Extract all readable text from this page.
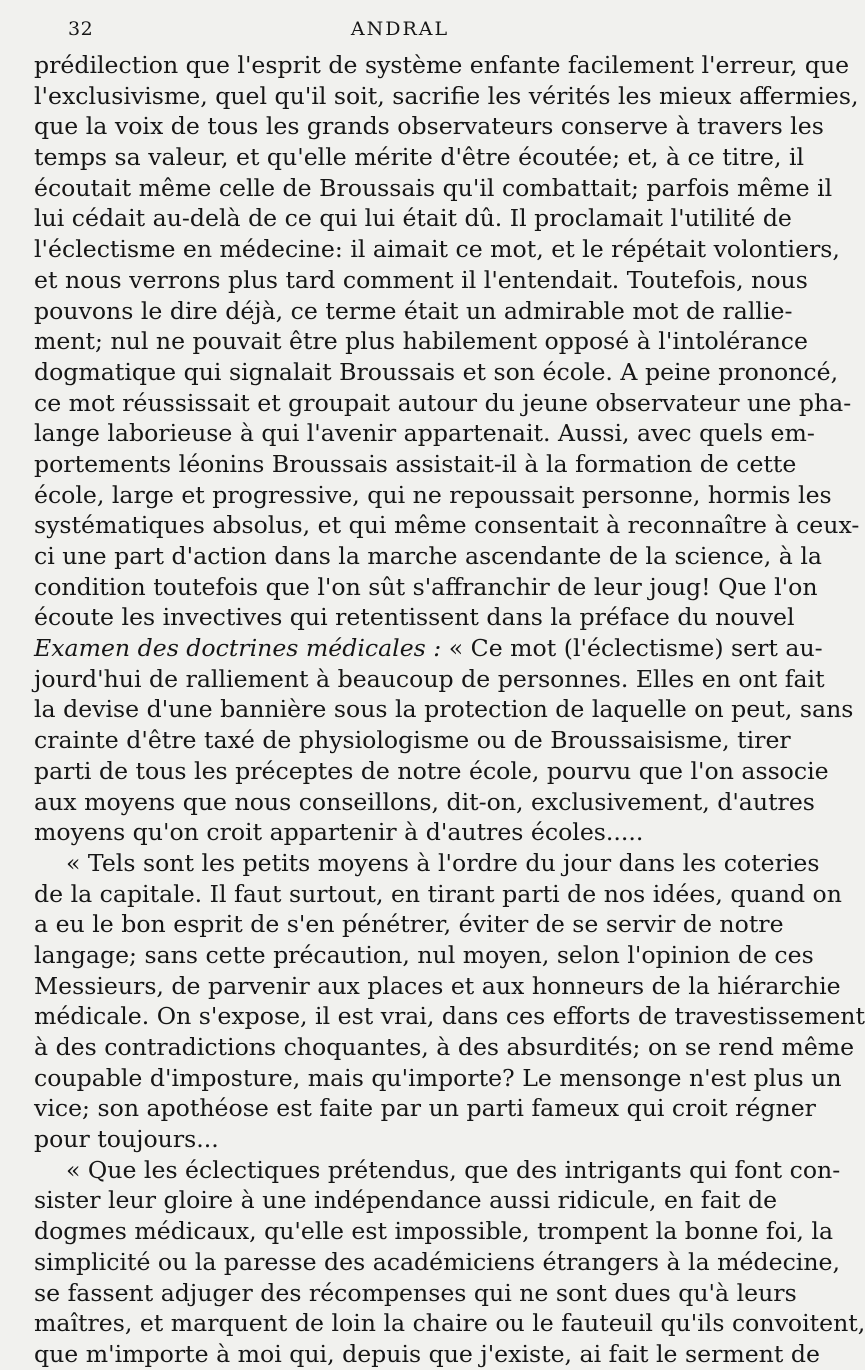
32	ANDRAL
prédilection que l'esprit de système enfante facilement l'erreur, que
l'exclusivisme, quel qu'il soit, sacrifie les vérités les mieux affermies,
que la voix de tous les grands observateurs conserve à travers les
temps sa valeur, et qu'elle mérite d'être écoutée; et, à ce titre, il
écoutait même celle de Broussais qu'il combattait; parfois même il
lui cédait au-delà de ce qui lui était dû. Il proclamait l'utilité de
l'éclectisme en médecine: il aimait ce mot, et le répétait volontiers,
et nous verrons plus tard comment il l'entendait. Toutefois, nous
pouvons le dire déjà, ce terme était un admirable mot de rallie-
ment; nul ne pouvait être plus habilement opposé à l'intolérance
dogmatique qui signalait Broussais et son école. A peine prononcé,
ce mot réussissait et groupait autour du jeune observateur une pha-
lange laborieuse à qui l'avenir appartenait. Aussi, avec quels em-
portements léonins Broussais assistait-il à la formation de cette
école, large et progressive, qui ne repoussait personne, hormis les
systématiques absolus, et qui même consentait à reconnaître à ceux-
ci une part d'action dans la marche ascendante de la science, à la
condition toutefois que l'on sût s'affranchir de leur joug! Que l'on
écoute les invectives qui retentissent dans la préface du nouvel
Examen des doctrines médicales : « Ce mot (l'éclectisme) sert au-
jourd'hui de ralliement à beaucoup de personnes. Elles en ont fait
la devise d'une bannière sous la protection de laquelle on peut, sans
crainte d'être taxé de physiologisme ou de Broussaisisme, tirer
parti de tous les préceptes de notre école, pourvu que l'on associe
aux moyens que nous conseillons, dit-on, exclusivement, d'autres
moyens qu'on croit appartenir à d'autres écoles.....
« Tels sont les petits moyens à l'ordre du jour dans les coteries
de la capitale. Il faut surtout, en tirant parti de nos idées, quand on
a eu le bon esprit de s'en pénétrer, éviter de se servir de notre
langage; sans cette précaution, nul moyen, selon l'opinion de ces
Messieurs, de parvenir aux places et aux honneurs de la hiérarchie
médicale. On s'expose, il est vrai, dans ces efforts de travestissement
à des contradictions choquantes, à des absurdités; on se rend même
coupable d'imposture, mais qu'importe? Le mensonge n'est plus un
vice; son apothéose est faite par un parti fameux qui croit régner
pour toujours...
« Que les éclectiques prétendus, que des intrigants qui font con-
sister leur gloire à une indépendance aussi ridicule, en fait de
dogmes médicaux, qu'elle est impossible, trompent la bonne foi, la
simplicité ou la paresse des académiciens étrangers à la médecine,
se fassent adjuger des récompenses qui ne sont dues qu'à leurs
maîtres, et marquent de loin la chaire ou le fauteuil qu'ils convoitent,
que m'importe à moi qui, depuis que j'existe, ai fait le serment de
